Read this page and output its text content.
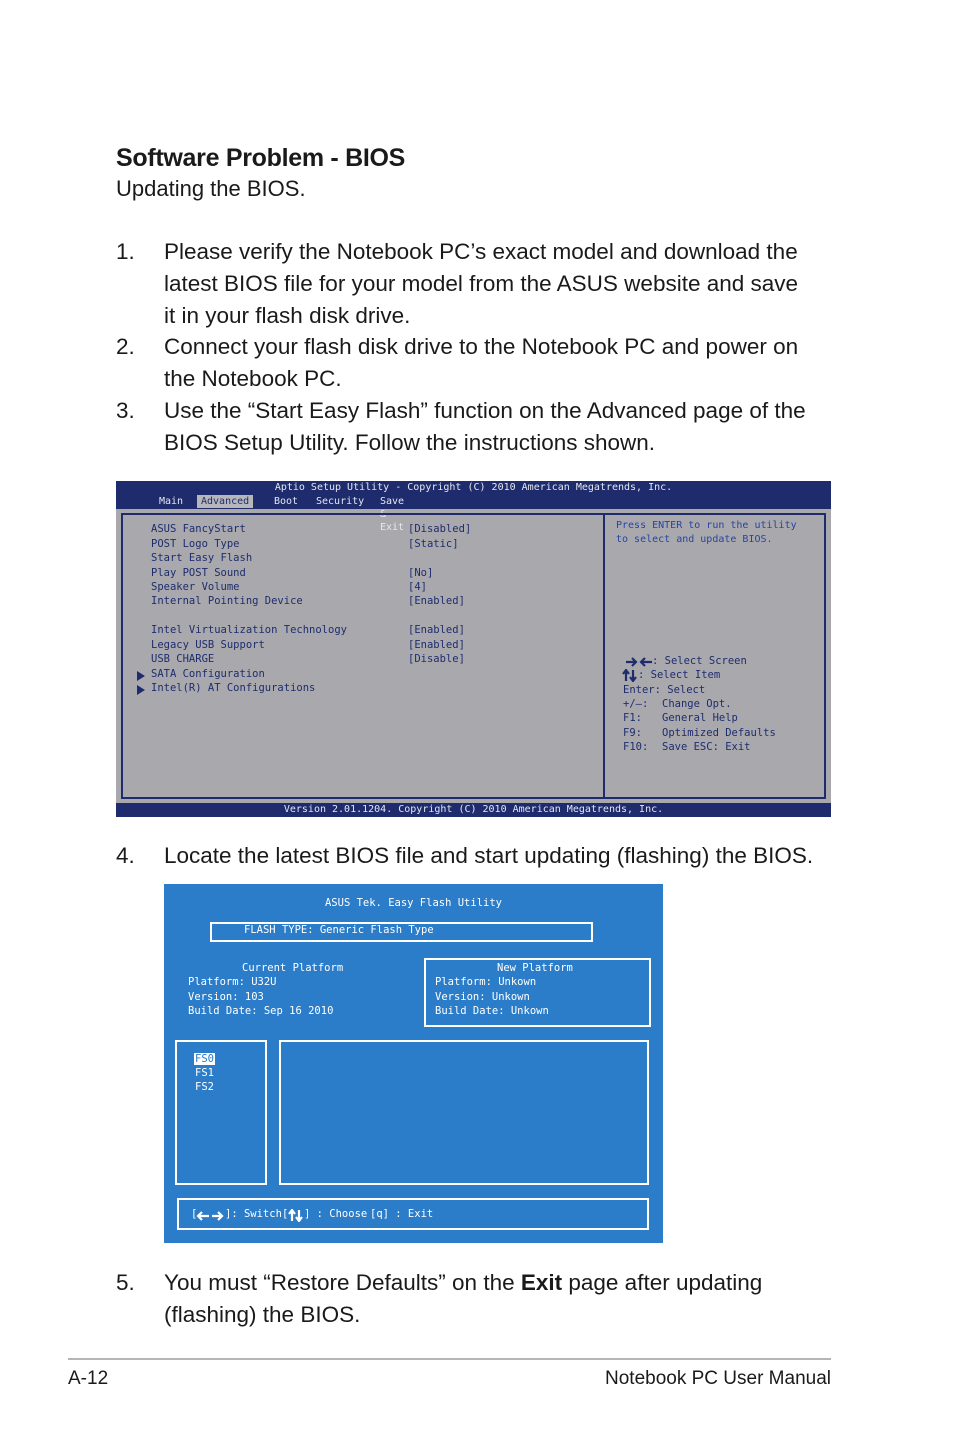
Software Problem - BIOS
Updating the BIOS.
1. Please verify the Notebook PC’s exact model and download the
latest BIOS file for your model from the ASUS website and save
it in your flash disk drive.
2. Connect your flash disk drive to the Notebook PC and power on
the Notebook PC.
3. Use the “Start Easy Flash” function on the Advanced page of the
BIOS Setup Utility. Follow the instructions shown.
Aptio Setup Utility - Copyright (C) 2010 American Megatrends, Inc.
Main	Advanced	Boot Security Save & Exit
ASUS FancyStart	[Disabled]
POST Logo Type	[Static]
Start Easy Flash
Play POST Sound	[No]
Speaker Volume	[4]
Internal Pointing Device	[Enabled]
Intel Virtualization Technology	[Enabled]
Legacy USB Support	[Enabled]
USB CHARGE	[Disable]
SATA Configuration
Intel(R) AT Configurations
Press ENTER to run the utility
to select and update BIOS.
: Select Screen
: Select Item
Enter: Select
+/—: Change Opt.
F1: General Help
F9: Optimized Defaults
F10: Save ESC: Exit
Version 2.01.1204. Copyright (C) 2010 American Megatrends, Inc.
4. Locate the latest BIOS file and start updating (flashing) the BIOS.
ASUS Tek. Easy Flash Utility
FLASH TYPE: Generic Flash Type
Current Platform
Platform: U32U
Version: 103
Build Date: Sep 16 2010
New Platform
Platform: Unkown
Version: Unkown
Build Date: Unkown
FS0
FS1
FS2
[	]: Switch [ ] : Choose [q] : Exit
5. You must “Restore Defaults” on the Exit page after updating
(flashing) the BIOS.
A-12	Notebook PC User Manual
